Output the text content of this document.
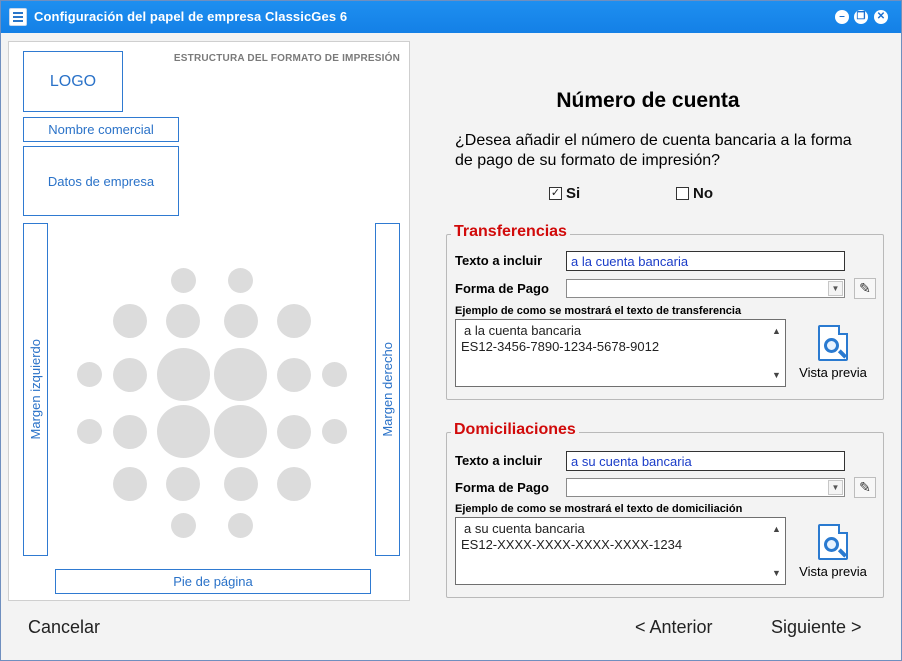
Configuración del papel de empresa ClassicGes 6	–	❐ ✕
ESTRUCTURA DEL FORMATO DE IMPRESIÓN
LOGO
Nombre comercial
Datos de empresa
Margen izquierdo	Margen derecho
Pie de página
Número de cuenta
¿Desea añadir el número de cuenta bancaria a la forma de pago de su formato de impresión?
✓ Si	No
Transferencias
Texto a incluir	a la cuenta bancaria
Forma de Pago	▼	✎
Ejemplo de como se mostrará el texto de transferencia
a la cuenta bancaria
ES12-3456-7890-1234-5678-9012
▲
▼	Vista previa
Domiciliaciones
Texto a incluir	a su cuenta bancaria
Forma de Pago	▼	✎
Ejemplo de como se mostrará el texto de domiciliación
a su cuenta bancaria
ES12-XXXX-XXXX-XXXX-XXXX-1234
▲
▼	Vista previa
Cancelar	< Anterior	Siguiente >
